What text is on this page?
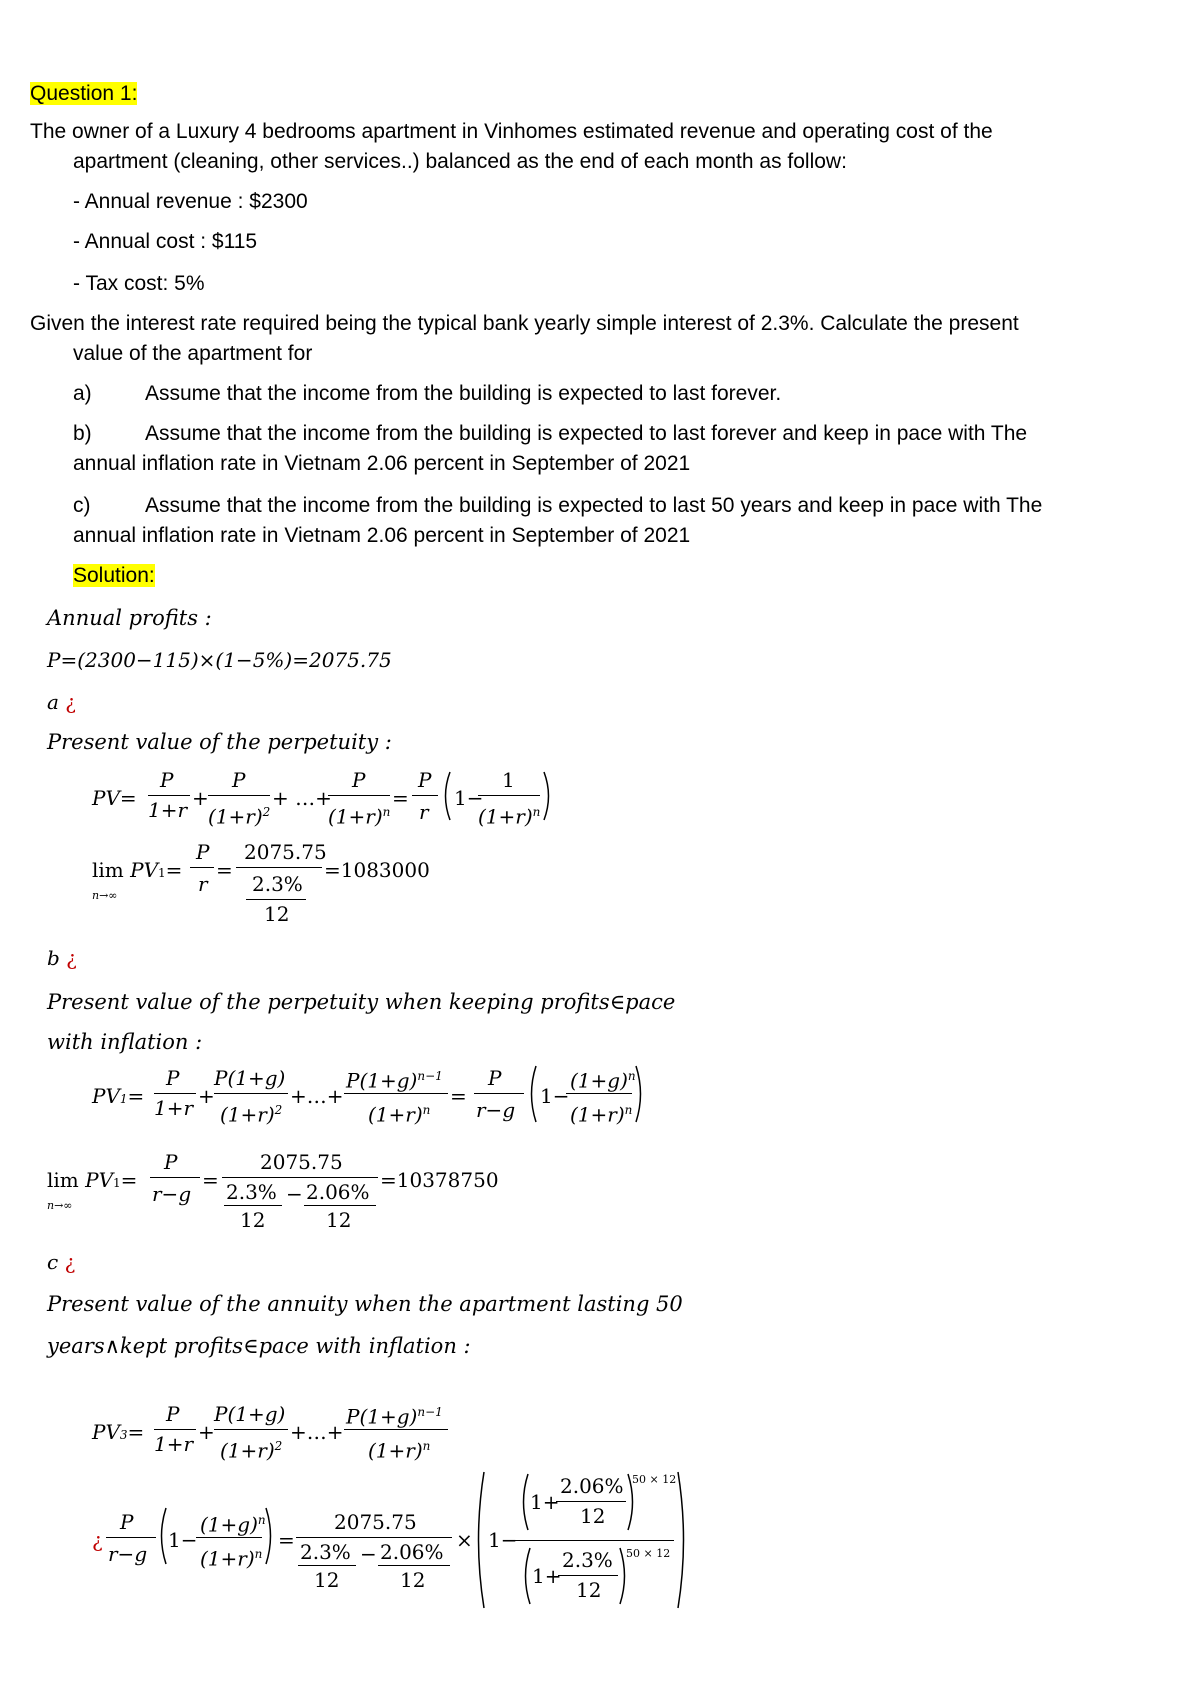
Question 1:
The owner of a Luxury 4 bedrooms apartment in Vinhomes estimated revenue and operating cost of the
apartment (cleaning, other services..) balanced as the end of each month as follow:
- Annual revenue : $2300
- Annual cost : $115
- Tax cost: 5%
Given the interest rate required being the typical bank yearly simple interest of 2.3%. Calculate the present
value of the apartment for
a)	Assume that the income from the building is expected to last forever.
b)	Assume that the income from the building is expected to last forever and keep in pace with The
annual inflation rate in Vietnam 2.06 percent in September of 2021
c)	Assume that the income from the building is expected to last 50 years and keep in pace with The
annual inflation rate in Vietnam 2.06 percent in September of 2021
Solution:
Annual profits :
P=(2300−115)×(1−5%)=2075.75
a ¿
Present value of the perpetuity :
PV=
P
1+r +
P
$(1+r)^2$
+ …+
P
$(1+r)^n$
=
P
r
1−
1
$(1+r)^n$
lim PV1=
n→∞
P
r
=
2075.75
2.3%
12
=1083000
b ¿
Present value of the perpetuity when keeping profits∈pace
with inflation :
PV1=
P
1+r +
P(1+g)
$(1+r)^2$
+…+
$P(1+g)^{n-1}$
$(1+r)^n$
=
P
r−g
1−
$(1+g)^n$
$(1+r)^n$
lim PV1=
n→∞
P
r−g
=
2075.75
2.3% − 2.06%
12	12
=10378750
c ¿
Present value of the annuity when the apartment lasting 50
years∧kept profits∈pace with inflation :
PV3=
P
1+r +
P(1+g)
$(1+r)^2$
+…+
$P(1+g)^{n-1}$
$(1+r)^n$
¿
P
r−g
1−
$(1+g)^n$
$(1+r)^n$
=
2075.75
2.3% − 2.06%
12	12
× 1−
1+
2.06%
12
50 × 12
1+
2.3%
12
50 × 12
